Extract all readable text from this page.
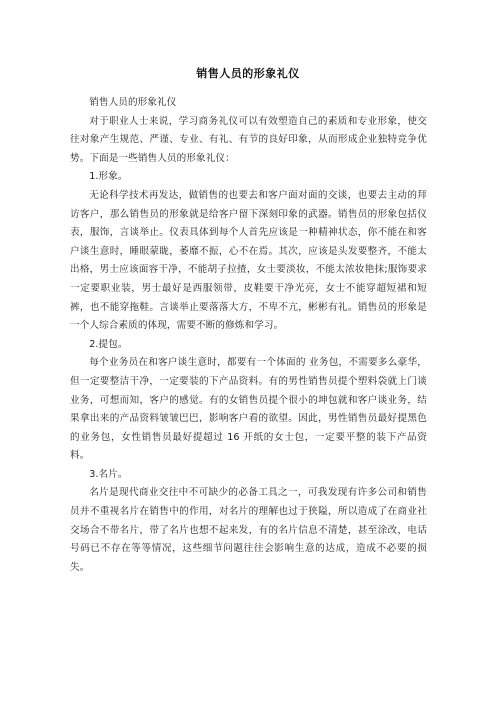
销售人员的形象礼仪

销售人员的形象礼仪

对于职业人士来说，学习商务礼仪可以有效塑造自己的素质和专业形象，使交往对象产生规范、严谨、专业、有礼、有节的良好印象，从而形成企业独特竞争优势。下面是一些销售人员的形象礼仪：

1.形象。

无论科学技术再发达，做销售的也要去和客户面对面的交谈，也要去主动的拜访客户，那么销售员的形象就是给客户留下深刻印象的武器。销售员的形象包括仪表，服饰，言谈举止。仪表具体到每个人首先应该是一种精神状态，你不能在和客户谈生意时，睡眼蒙眬，萎靡不振，心不在焉。其次，应该是头发要整齐，不能太出格，男士应该面容干净，不能胡子拉揸，女士要淡妆，不能太浓妆艳抹;服饰要求一定要职业装，男士最好是西服领带，皮鞋要干净光亮，女士不能穿超短裙和短裤，也不能穿拖鞋。言谈举止要落落大方，不卑不亢，彬彬有礼。销售员的形象是一个人综合素质的体现，需要不断的修炼和学习。

2.提包。

每个业务员在和客户谈生意时，都要有一个体面的 业务包，不需要多么豪华，但一定要整洁干净，一定要装的下产品资料。有的男性销售员提个塑料袋就上门谈业务，可想而知，客户的感觉。有的女销售员提个很小的坤包就和客户谈业务，结果拿出来的产品资料皱皱巴巴，影响客户看的欲望。因此，男性销售员最好提黑色的业务包，女性销售员最好提超过 16 开纸的女士包，一定要平整的装下产品资料。

3.名片。

名片是现代商业交往中不可缺少的必备工具之一，可我发现有许多公司和销售员并不重视名片在销售中的作用，对名片的理解也过于狭隘，所以造成了在商业社交场合不带名片，带了名片也想不起来发，有的名片信息不清楚，甚至涂改，电话号码已不存在等等情况，这些细节问题往往会影响生意的达成，造成不必要的损失。
